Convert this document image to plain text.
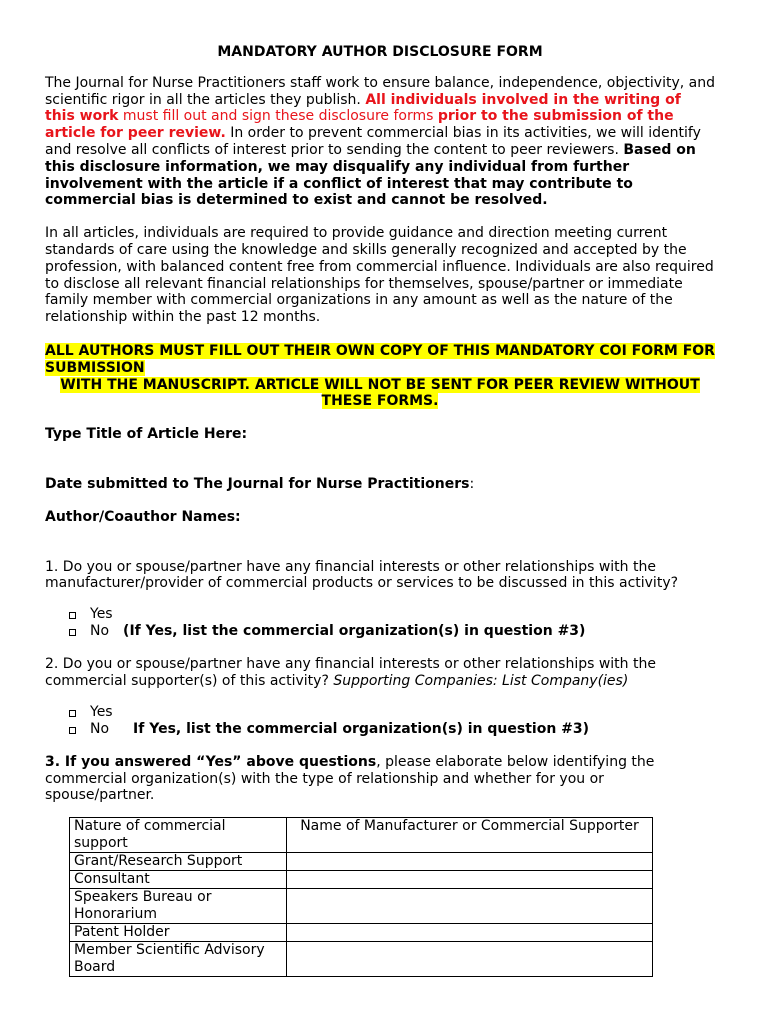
MANDATORY AUTHOR DISCLOSURE FORM

The Journal for Nurse Practitioners staff work to ensure balance, independence, objectivity, and scientific rigor in all the articles they publish. All individuals involved in the writing of this work must fill out and sign these disclosure forms prior to the submission of the article for peer review. In order to prevent commercial bias in its activities, we will identify and resolve all conflicts of interest prior to sending the content to peer reviewers. Based on this disclosure information, we may disqualify any individual from further involvement with the article if a conflict of interest that may contribute to commercial bias is determined to exist and cannot be resolved.

In all articles, individuals are required to provide guidance and direction meeting current standards of care using the knowledge and skills generally recognized and accepted by the profession, with balanced content free from commercial influence. Individuals are also required to disclose all relevant financial relationships for themselves, spouse/partner or immediate family member with commercial organizations in any amount as well as the nature of the relationship within the past 12 months.

ALL AUTHORS MUST FILL OUT THEIR OWN COPY OF THIS MANDATORY COI FORM FOR SUBMISSION
WITH THE MANUSCRIPT. ARTICLE WILL NOT BE SENT FOR PEER REVIEW WITHOUT
THESE FORMS.

Type Title of Article Here:

Date submitted to The Journal for Nurse Practitioners:

Author/Coauthor Names:

1. Do you or spouse/partner have any financial interests or other relationships with the manufacturer/provider of commercial products or services to be discussed in this activity?

Yes
No (If Yes, list the commercial organization(s) in question #3)

2. Do you or spouse/partner have any financial interests or other relationships with the commercial supporter(s) of this activity? Supporting Companies: List Company(ies)

Yes
No If Yes, list the commercial organization(s) in question #3)

3. If you answered “Yes” above questions, please elaborate below identifying the commercial organization(s) with the type of relationship and whether for you or spouse/partner.

Nature of commercial support	Name of Manufacturer or Commercial Supporter
Grant/Research Support	
Consultant	
Speakers Bureau or Honorarium	
Patent Holder	
Member Scientific Advisory Board	
